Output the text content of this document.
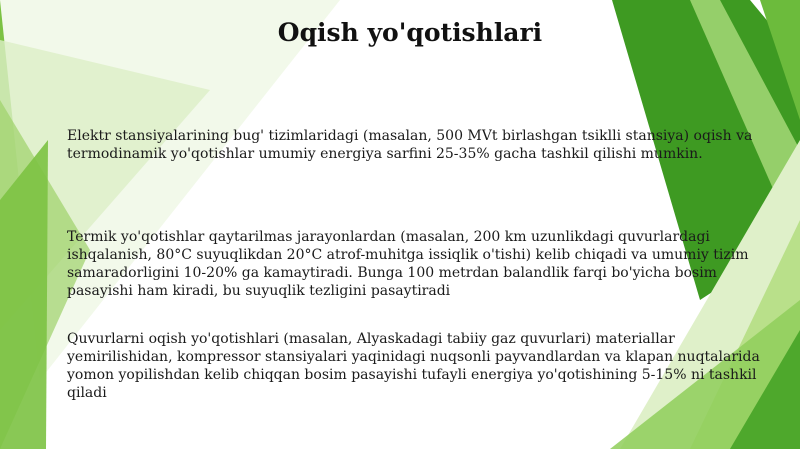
Oqish yo'qotishlari

Elektr stansiyalarining bug' tizimlaridagi (masalan, 500 MVt birlashgan tsiklli stansiya) oqish va termodinamik yo'qotishlar umumiy energiya sarfini 25-35% gacha tashkil qilishi mumkin.

Termik yo'qotishlar qaytarilmas jarayonlardan (masalan, 200 km uzunlikdagi quvurlardagi ishqalanish, 80°C suyuqlikdan 20°C atrof-muhitga issiqlik o'tishi) kelib chiqadi va umumiy tizim samaradorligini 10-20% ga kamaytiradi. Bunga 100 metrdan balandlik farqi bo'yicha bosim pasayishi ham kiradi, bu suyuqlik tezligini pasaytiradi

Quvurlarni oqish yo'qotishlari (masalan, Alyaskadagi tabiiy gaz quvurlari) materiallar yemirilishidan, kompressor stansiyalari yaqinidagi nuqsonli payvandlardan va klapan nuqtalarida yomon yopilishdan kelib chiqqan bosim pasayishi tufayli energiya yo'qotishining 5-15% ni tashkil qiladi
